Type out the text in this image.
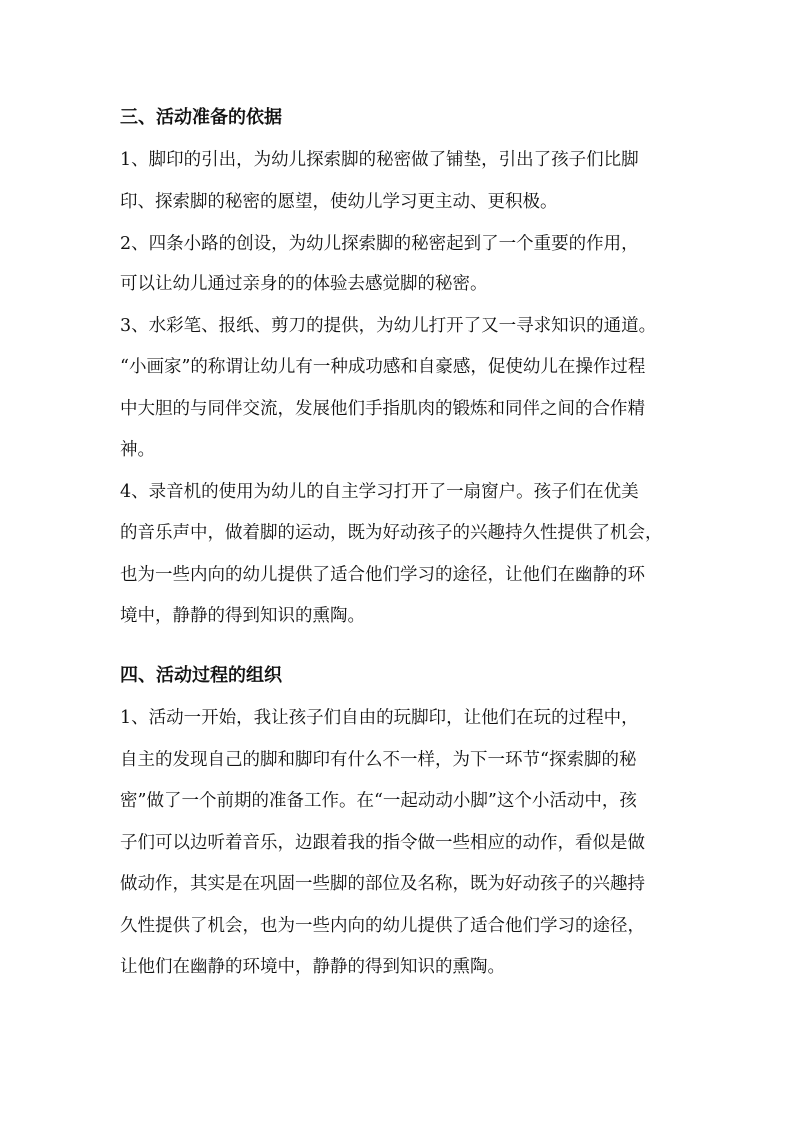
三、活动准备的依据
1、脚印的引出，为幼儿探索脚的秘密做了铺垫，引出了孩子们比脚
印、探索脚的秘密的愿望，使幼儿学习更主动、更积极。
2、四条小路的创设，为幼儿探索脚的秘密起到了一个重要的作用，
可以让幼儿通过亲身的的体验去感觉脚的秘密。
3、水彩笔、报纸、剪刀的提供，为幼儿打开了又一寻求知识的通道。
“小画家”的称谓让幼儿有一种成功感和自豪感，促使幼儿在操作过程
中大胆的与同伴交流，发展他们手指肌肉的锻炼和同伴之间的合作精
神。
4、录音机的使用为幼儿的自主学习打开了一扇窗户。孩子们在优美
的音乐声中，做着脚的运动，既为好动孩子的兴趣持久性提供了机会，
也为一些内向的幼儿提供了适合他们学习的途径，让他们在幽静的环
境中，静静的得到知识的熏陶。
四、活动过程的组织
1、活动一开始，我让孩子们自由的玩脚印，让他们在玩的过程中，
自主的发现自己的脚和脚印有什么不一样，为下一环节“探索脚的秘
密”做了一个前期的准备工作。在“一起动动小脚”这个小活动中，孩
子们可以边听着音乐，边跟着我的指令做一些相应的动作，看似是做
做动作，其实是在巩固一些脚的部位及名称，既为好动孩子的兴趣持
久性提供了机会，也为一些内向的幼儿提供了适合他们学习的途径，
让他们在幽静的环境中，静静的得到知识的熏陶。
